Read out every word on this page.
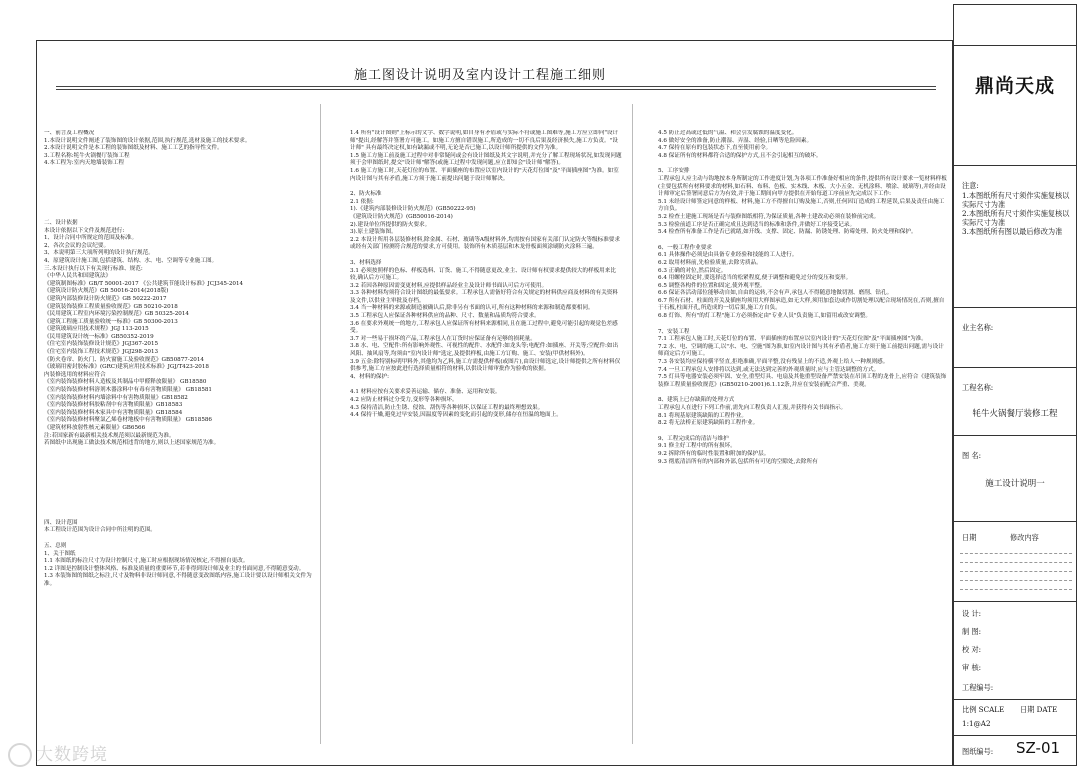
施工图设计说明及室内设计工程施工细则

一、前言及工程概况

1.本设计说明文件阐述了装饰图的设计依据,范围,执行规范,选材及施工的技术要求。

2.本设计说明文件是本工程的装饰图纸及材料、施工工艺的指导性文件。

3.工程名称:牦牛火锅餐厅装饰工程

4.本工程为:室内天地墙装饰工程

二、设计依据

本设计依据以下文件及规范进行:

1、设计合同中所规定的范围及标准。

2、各次会议的会议纪要。

3、本说明第三大项所列明的设计执行规范。

4、原建筑设计施工图,包括建筑、结构、水、电、空调等专业施工图。

三.本设计执行以下有关现行标准、规范:

《中华人民共和国建筑法》

《建筑制图标准》GB/T 50001-2017 《公共建筑节能设计标准》JCJ345-2014

《建筑设计防火规范》GB 50016-2014(2018版)

《建筑内部装修设计防火规范》GB 50222-2017

《建筑装饰装修工程质量验收规范》GB 50210-2018

《民用建筑工程室内环境污染控制规范》GB 50325-2014

《建筑工程施工质量验收统一标准》GB 50300-2013

《建筑玻璃应用技术规程》JGJ 113-2015

《民用建筑设计统一标准》GB50352-2019

《住宅室内装饰装修设计规范》JGJ367-2015

《住宅室内装饰工程技术规范》JGJ298-2013

《防火卷帘、防火门、防火窗施工及验收规范》GB50877-2014

《玻璃用密封胶标准》(GRC)建筑应用技术标准》JGJ/T423-2018

内装修选用的材料应符合

《室内装饰装修材料人造板及其制品中甲醛释放限量》 GB18580

《室内装饰装修材料溶剂木器涂料中有毒有害物质限量》 GB18581

《室内装饰装修材料内墙涂料中有害物质限量》GB18582

《室内装饰装修材料胶粘剂中有害物质限量》GB18583

《室内装饰装修材料木家具中有害物质限量》GB18584

《室内装饰装修材料聚氯乙烯卷材地板中有害物质限量》 GB18586

《建筑材料放射性核元素限量》GB6566

注:若国家新有最新相关技术规范须以最新规范为准。

若图纸中出现施工做法技术规范相违背的地方,则以上述国家规范为准。

四、设计范围

本工程设计范围为设计合同中所注明的范围。

五、总则

1、关于图纸

1.1 本图纸的标注尺寸为设计控制尺寸,施工时应根据现场情况核定,不得擅自更改。

1.2 详图是控制设计整体风格、标准及质量的重要环节,若非得到设计师及业主的书面同意,不得随意变动。

1.3 本装饰图的图纸之标注,尺寸及物料非设计师同意,不得随意变改图纸内容,施工设计要以设计师相关文件为准。

1.4 所有"设计图则"上标示的文字、数字说明,如自身有矛盾或与实际不符或施工图难等,施工方应立即向"设计师"提出,经解答并签署方可施工。如施工方擅自错误施工,所造成的一切不良后果及经济损失,施工方负责。"设计师" 具有最终决定权,如有缺漏或不明,无论是否已施工,以设计师所提供的文件为准。

1.5 施工方施工前及施工过程中对非常疑问或会有设计图纸及其文字说明,并充分了解工程现场状况,如发现问题须于会审图纸时,提交"设计师"解答(或施工过程中发现问题,应立即知会"设计师"解答)。

1.6 施工方施工时,天花灯位的布置、平面插座的布置应以室内设计的"天花灯位图"及"平面插座图"为准。如室内设计图与其有矛盾,施工方须于施工前提出问题于设计师解决。

2、防火标准

2.1 依据:

1).《建筑内部装修设计防火规范》(GB50222-95)

《建筑设计防火规范》(GB50016-2014)

2).建设单位所提供的防火要求。

3).原土建装饰图。

2.2 本设计所用各层装修材料,除金属、石材、玻璃等A级材料外,均需按有国家有关部门认定防火等级标准要求或经有关部门检测符合规范的要求,方可使用。装饰所有木质基层和木龙骨板面须涂刷防火涂料三遍。

3、材料选择

3.1 必须按照样的色标、样板选料、订货、施工,不得随意更改,业主、设计师有权要求提供较大的样板用来比较,确认后方可施工。

3.2 若因各种原因需变更材料,应提供样品经业主及设计师书面认可后方可使用。

3.3 各种材料均须符合设计图纸的最低要求。工程承包人需备好符合有关规定的材料供应商及材料的有关资料及文件,以供业主审批及存档。

3.4 当一种材料的来源或制造被确认后,除非另有书面的认可,所有这种材料的来源和制造都要相同。

3.5 工程承包人应保证各种材料供应的品种、尺寸、数量和品质均符合要求。

3.6 在要求外观统一的地方,工程承包人应保证所有材料来源相同,且在施工过程中,避免可能引起的观觉色差感受。

3.7 对一些易于损坏的产品,工程承包人在订货时应保证备有足够的损耗量。

3.8 水、电、空配件:所有影响外观性、可视性的配件、水配件:如龙头等;电配件:如插座、开关等;空配件:如出风阳、抽风扇等,均须由"室内设计师"选定,及提供样板,由施工方订购、施工、安装(甲供材料外)。

3.9 五金:除特别标明甲料外,其他均为乙料,施工方需提供样板(或图片),由设计师选定,设计师提供之所有材料仅供参考,施工方应按此进行选择质量相符的材料,以供设计师审批作为验收的依据。

4、材料的保护:

4.1 材料应按有关要求妥善运输、储存、准备、运用和安装。

4.2 应防止材料过分受力,变形等各种损坏。

4.3 保持清洁,防止生锈、侵蚀、刮伤等各种损坏,以保证工程的最终理想效果。

4.4 保持干燥,避免过早安装,因温度等因素的变化而引起的变形,储存在恒温的地面上。

4.5 防止过高或过低的气温、和会引发腐蚀的温度变化。

4.6 做好安全的准备,防止潮湿、弄湿、经验,日晒等危险因素。

4.7 保持在原有的包装状态下,直至使用前令。

4.8 保证所有的材料都符合适的保护方式,且不会引起相互的破坏。

5、工序安排

工程承包人应主动与钩地按本身所制定的工作进度计划,为各项工作准备好相应的条件,提供所有设计要求一览材料样板(主要包括所有材料要求的材料,如石料、布料、色板、实木线、木板、大小五金、无机涂料、喷涂、玻璃等),并经由设计师审定后签署同意后方为有效,并于施工期间向甲方提供在开始每道工序前应先完成以下工作:

5.1 未经设计师签定同意的样板、材料,施工方不得擅自订购及施工,否则,任何因订造成的工程延误,后果及责任由施工方自负。

5.2 检查土建施工现场是否与装修图纸相符,为保证质量,各种土建改动必须在装修前完成。

5.3 检验前道工序是否正确完成且达到适当的标准和条件,并做好工序接受记录。

5.4 检查所有准备工作是否已就绪,如开线、支撑、固定、防漏、防锈处理、防霉处理、防火处理和保护。

6、一般工程作业要求

6.1 具体操作必须是由具备专业经验和技能的工人进行。

6.2 取用材料前,先检验质量,去除劣质品。

6.3 正确的对位,然后固定。

6.4 用螺栓固定时,要选择适当的松紧程度,便于调整和避免过分的变压和变形。

6.5 调整各构件的位置和固定,使外观平整。

6.6 保证各活动部位能够动自如,自由的运转,不会有声,承包人不得随意地做切割、磨削、钻孔。

6.7 所有石材、柱面的开关及插座均须用大样图承造,如无大样,须用加套边或作切割处理以配合现场情况在,否则,擅自于石板,柱面开孔,所造成的一切后果,施工方自负。

6.8 灯饰、所有"的灯工程"施工方必须指定由"专业人员"负责施工,如留用或改安调整。

7、安装工程

7.1 工程承包人施工时,天花灯位的布置、平面插座的布置应以室内设计的"天花灯位图"及"平面插座图"为准。

7.2 水、电、空调的施工,以"水、电、空施"图为准,如室内设计图与其有矛盾者,施工方须于施工前提出问题,需与设计师商定后方可施工。

7.3 各安装均应保持横平竖直,拒绝准确,平面平整,没有残显上的不适,外观上给人一种规则感。

7.4 一旦工程承包人安排将以达到,或无法达到完善的外观质量时,应与主管达调整的方式。

7.5 灯具等电器安装必须牢固、安全,重型灯具、电扇及其他重型设备严禁安装在吊顶工程的龙骨上,应符合《建筑装饰装修工程质量验收规范》(GB50210-2001)6.1.12条,并应在安装前配合严重、美观。

8、建筑上已存缺陷的处理方式

工程承包人在进行下列工作前,需先向工程负责人汇报,并获得有关书面指示。

8.1 将现基原建筑缺陷的工程作业。

8.2 将无法桥正原建筑缺陷的工程作业。

9、工程完成后的清洁与维护

9.1 修主好工程中的所有损坏。

9.2 拆除所有的临时性装置和附加的保护层。

9.3 彻底清洁所有的内部和外部,包括所有可见的空隙处,去除所有

鼎尚天成
注意:
1.本图纸所有尺寸须作实施复核以实际尺寸为准
2.本图纸所有尺寸须作实施复核以实际尺寸为准
3.本图纸所有图以最后修改为准
业主名称:
工程名称:
牦牛火锅餐厅装修工程
图 名:
施工设计说明一
日期	修改内容
设 计:
制 图:
校 对:
审 核:
工程编号:
比例 SCALE 日期 DATE
1:1@A2
图纸编号: SZ-01
大数跨境
